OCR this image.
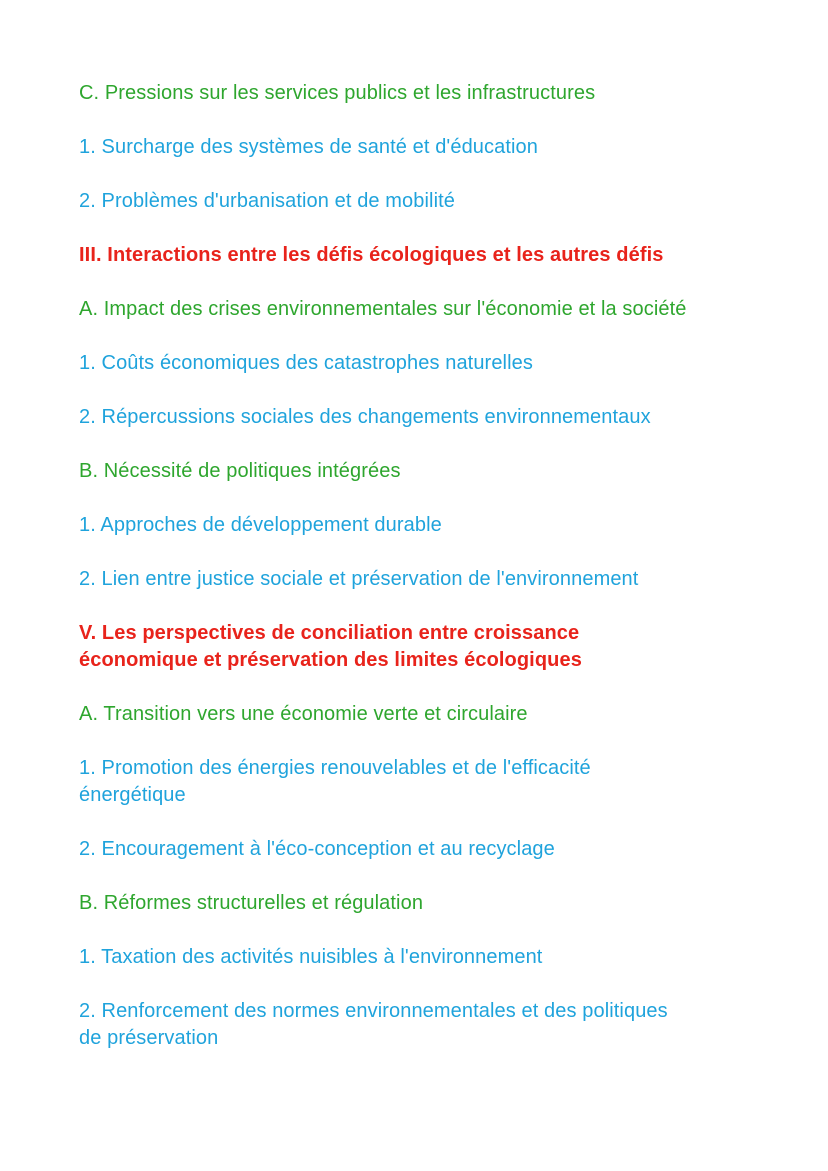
C. Pressions sur les services publics et les infrastructures

1. Surcharge des systèmes de santé et d'éducation

2. Problèmes d'urbanisation et de mobilité

III. Interactions entre les défis écologiques et les autres défis

A. Impact des crises environnementales sur l'économie et la société

1. Coûts économiques des catastrophes naturelles

2. Répercussions sociales des changements environnementaux

B. Nécessité de politiques intégrées

1. Approches de développement durable

2. Lien entre justice sociale et préservation de l'environnement

V. Les perspectives de conciliation entre croissance
économique et préservation des limites écologiques

A. Transition vers une économie verte et circulaire

1. Promotion des énergies renouvelables et de l'efficacité
énergétique

2. Encouragement à l'éco-conception et au recyclage

B. Réformes structurelles et régulation

1. Taxation des activités nuisibles à l'environnement

2. Renforcement des normes environnementales et des politiques
de préservation
